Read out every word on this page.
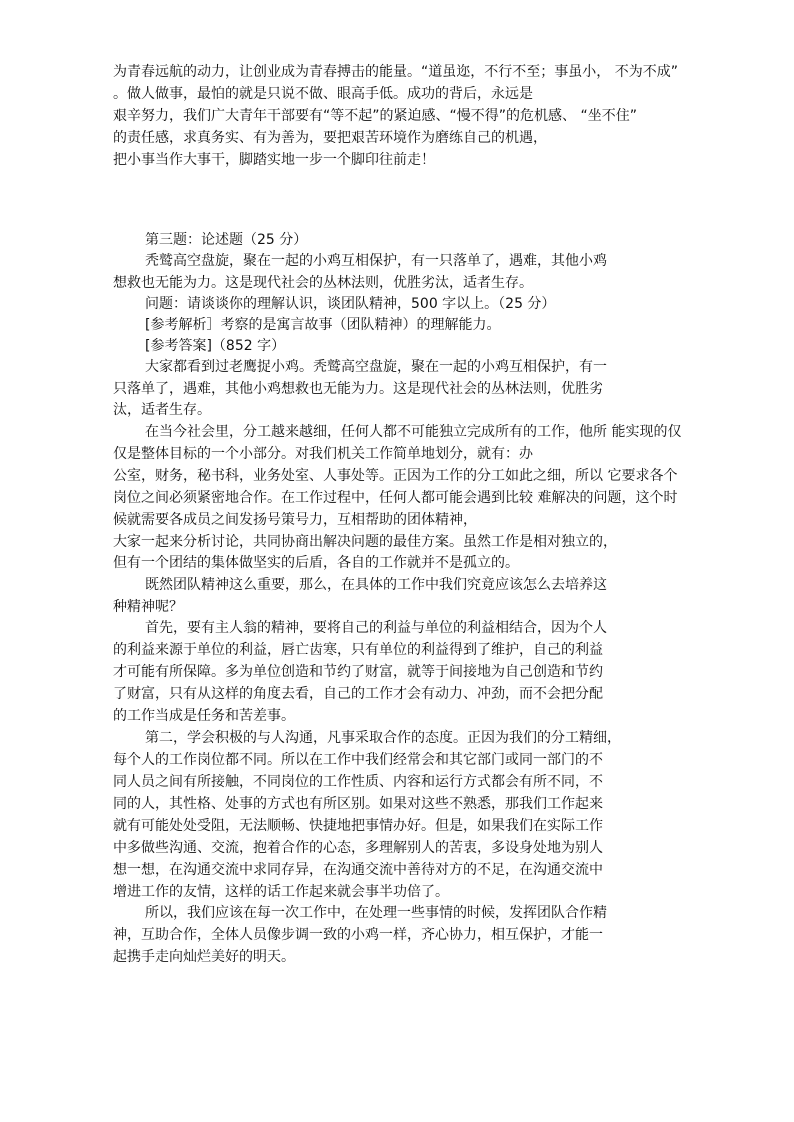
为青春远航的动力，让创业成为青春搏击的能量。“道虽迩，不行不至；事虽小， 不为不成”

。做人做事，最怕的就是只说不做、眼高手低。成功的背后，永远是

艰辛努力，我们广大青年干部要有“等不起”的紧迫感、“慢不得”的危机感、 “坐不住”

的责任感，求真务实、有为善为，要把艰苦环境作为磨练自己的机遇，

把小事当作大事干，脚踏实地一步一个脚印往前走！

第三题：论述题（25 分）

秃鹫高空盘旋，聚在一起的小鸡互相保护，有一只落单了，遇难，其他小鸡

想救也无能为力。这是现代社会的丛林法则，优胜劣汰，适者生存。

问题：请谈谈你的理解认识，谈团队精神，500 字以上。（25 分）

[参考解析］考察的是寓言故事（团队精神）的理解能力。

[参考答案]（852 字）

大家都看到过老鹰捉小鸡。秃鹫高空盘旋，聚在一起的小鸡互相保护，有一

只落单了，遇难，其他小鸡想救也无能为力。这是现代社会的丛林法则，优胜劣

汰，适者生存。

在当今社会里，分工越来越细，任何人都不可能独立完成所有的工作，他所 能实现的仅

仅是整体目标的一个小部分。对我们机关工作简单地划分，就有：办

公室，财务，秘书科，业务处室、人事处等。正因为工作的分工如此之细，所以 它要求各个

岗位之间必须紧密地合作。在工作过程中，任何人都可能会遇到比较 难解决的问题，这个时

候就需要各成员之间发扬号策号力，互相帮助的团体精神，

大家一起来分析讨论，共同协商出解决问题的最佳方案。虽然工作是相对独立的，

但有一个团结的集体做坚实的后盾，各自的工作就并不是孤立的。

既然团队精神这么重要，那么，在具体的工作中我们究竟应该怎么去培养这

种精神呢？

首先，要有主人翁的精神，要将自己的利益与单位的利益相结合，因为个人

的利益来源于单位的利益，唇亡齿寒，只有单位的利益得到了维护，自己的利益

才可能有所保障。多为单位创造和节约了财富，就等于间接地为自己创造和节约

了财富，只有从这样的角度去看，自己的工作才会有动力、冲劲，而不会把分配

的工作当成是任务和苦差事。

第二，学会积极的与人沟通，凡事采取合作的态度。正因为我们的分工精细，

每个人的工作岗位都不同。所以在工作中我们经常会和其它部门或同一部门的不

同人员之间有所接触，不同岗位的工作性质、内容和运行方式都会有所不同，不

同的人，其性格、处事的方式也有所区别。如果对这些不熟悉，那我们工作起来

就有可能处处受阻，无法顺畅、快捷地把事情办好。但是，如果我们在实际工作

中多做些沟通、交流，抱着合作的心态，多理解别人的苦衷，多设身处地为别人

想一想，在沟通交流中求同存异，在沟通交流中善待对方的不足，在沟通交流中

增进工作的友情，这样的话工作起来就会事半功倍了。

所以，我们应该在每一次工作中，在处理一些事情的时候，发挥团队合作精

神，互助合作，全体人员像步调一致的小鸡一样，齐心协力，相互保护，才能一

起携手走向灿烂美好的明天。
